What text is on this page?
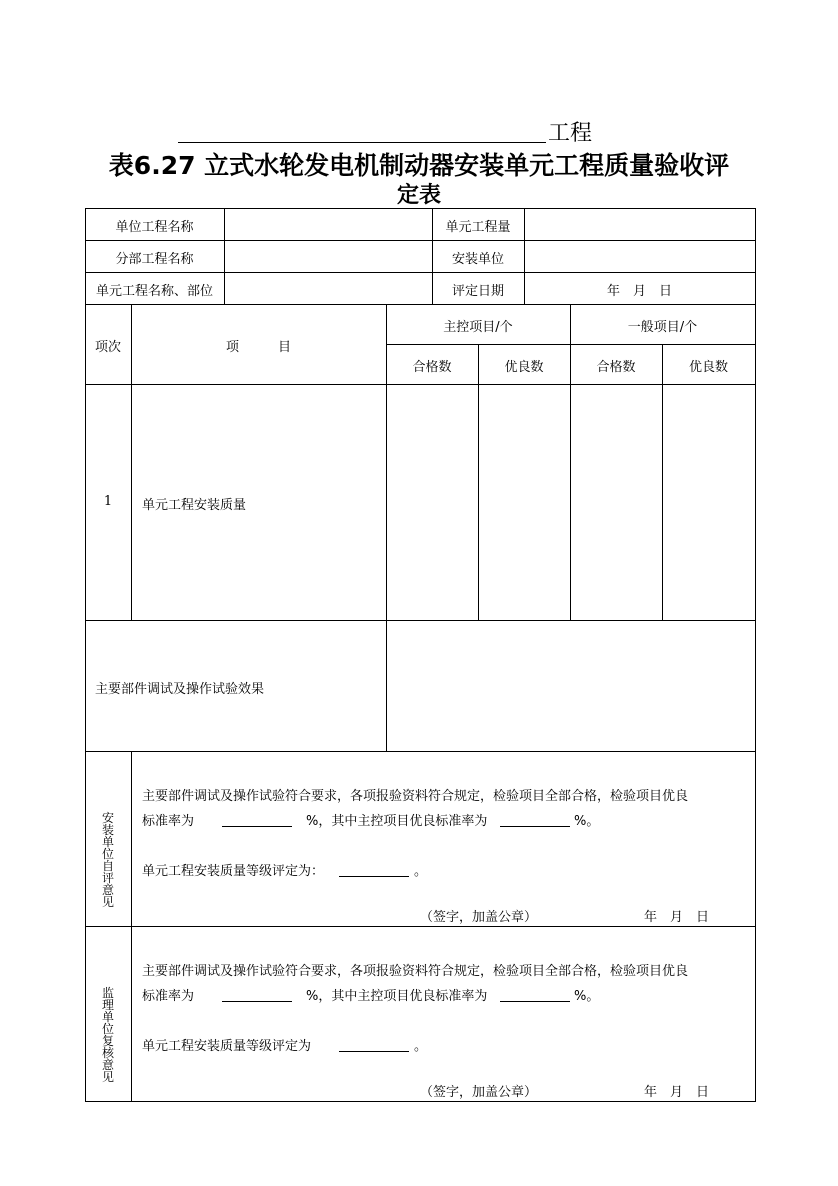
工程
表6.27 立式水轮发电机制动器安装单元工程质量验收评
定表
单位工程名称	单元工程量
分部工程名称	安装单位
单元工程名称、部位	评定日期	年　月　日
项次	项　　　目
主控项目/个	一般项目/个
合格数	优良数	合格数	优良数
1	单元工程安装质量
主要部件调试及操作试验效果
安装单位自评意见
主要部件调试及操作试验符合要求，各项报验资料符合规定，检验项目全部合格，检验项目优良
标准率为	%，其中主控项目优良标准率为	%。
单元工程安装质量等级评定为：	。
（签字，加盖公章）	年　月　日
监理单位复核意见
主要部件调试及操作试验符合要求，各项报验资料符合规定，检验项目全部合格，检验项目优良
标准率为	%，其中主控项目优良标准率为	%。
单元工程安装质量等级评定为	。
（签字，加盖公章）	年　月　日
